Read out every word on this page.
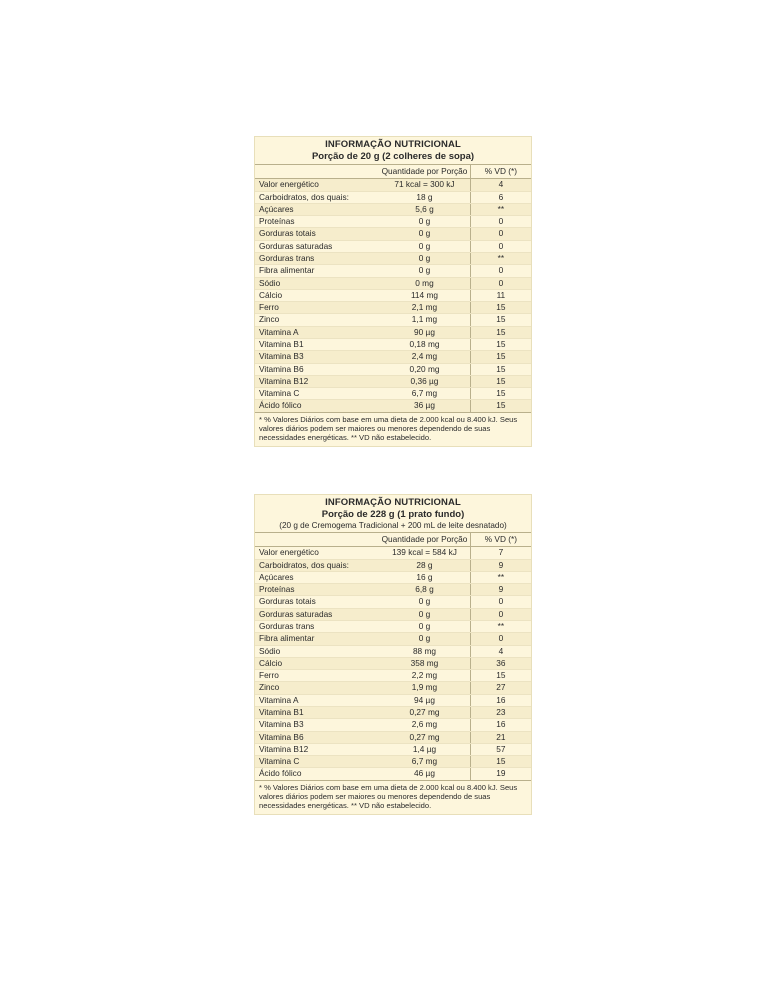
INFORMAÇÃO NUTRICIONAL
Porção de 20 g (2 colheres de sopa)
	Quantidade por Porção	% VD (*)
Valor energético	71 kcal = 300 kJ	4
Carboidratos, dos quais:	18 g	6
Açúcares	5,6 g	**
Proteínas	0 g	0
Gorduras totais	0 g	0
Gorduras saturadas	0 g	0
Gorduras trans	0 g	**
Fibra alimentar	0 g	0
Sódio	0 mg	0
Cálcio	114 mg	11
Ferro	2,1 mg	15
Zinco	1,1 mg	15
Vitamina A	90 µg	15
Vitamina B1	0,18 mg	15
Vitamina B3	2,4 mg	15
Vitamina B6	0,20 mg	15
Vitamina B12	0,36 µg	15
Vitamina C	6,7 mg	15
Ácido fólico	36 µg	15
* % Valores Diários com base em uma dieta de 2.000 kcal ou 8.400 kJ. Seus valores diários podem ser maiores ou menores dependendo de suas necessidades energéticas. ** VD não estabelecido.
INFORMAÇÃO NUTRICIONAL
Porção de 228 g (1 prato fundo)
(20 g de Cremogema Tradicional + 200 mL de leite desnatado)
	Quantidade por Porção	% VD (*)
Valor energético	139 kcal = 584 kJ	7
Carboidratos, dos quais:	28 g	9
Açúcares	16 g	**
Proteínas	6,8 g	9
Gorduras totais	0 g	0
Gorduras saturadas	0 g	0
Gorduras trans	0 g	**
Fibra alimentar	0 g	0
Sódio	88 mg	4
Cálcio	358 mg	36
Ferro	2,2 mg	15
Zinco	1,9 mg	27
Vitamina A	94 µg	16
Vitamina B1	0,27 mg	23
Vitamina B3	2,6 mg	16
Vitamina B6	0,27 mg	21
Vitamina B12	1,4 µg	57
Vitamina C	6,7 mg	15
Ácido fólico	46 µg	19
* % Valores Diários com base em uma dieta de 2.000 kcal ou 8.400 kJ. Seus valores diários podem ser maiores ou menores dependendo de suas necessidades energéticas. ** VD não estabelecido.
